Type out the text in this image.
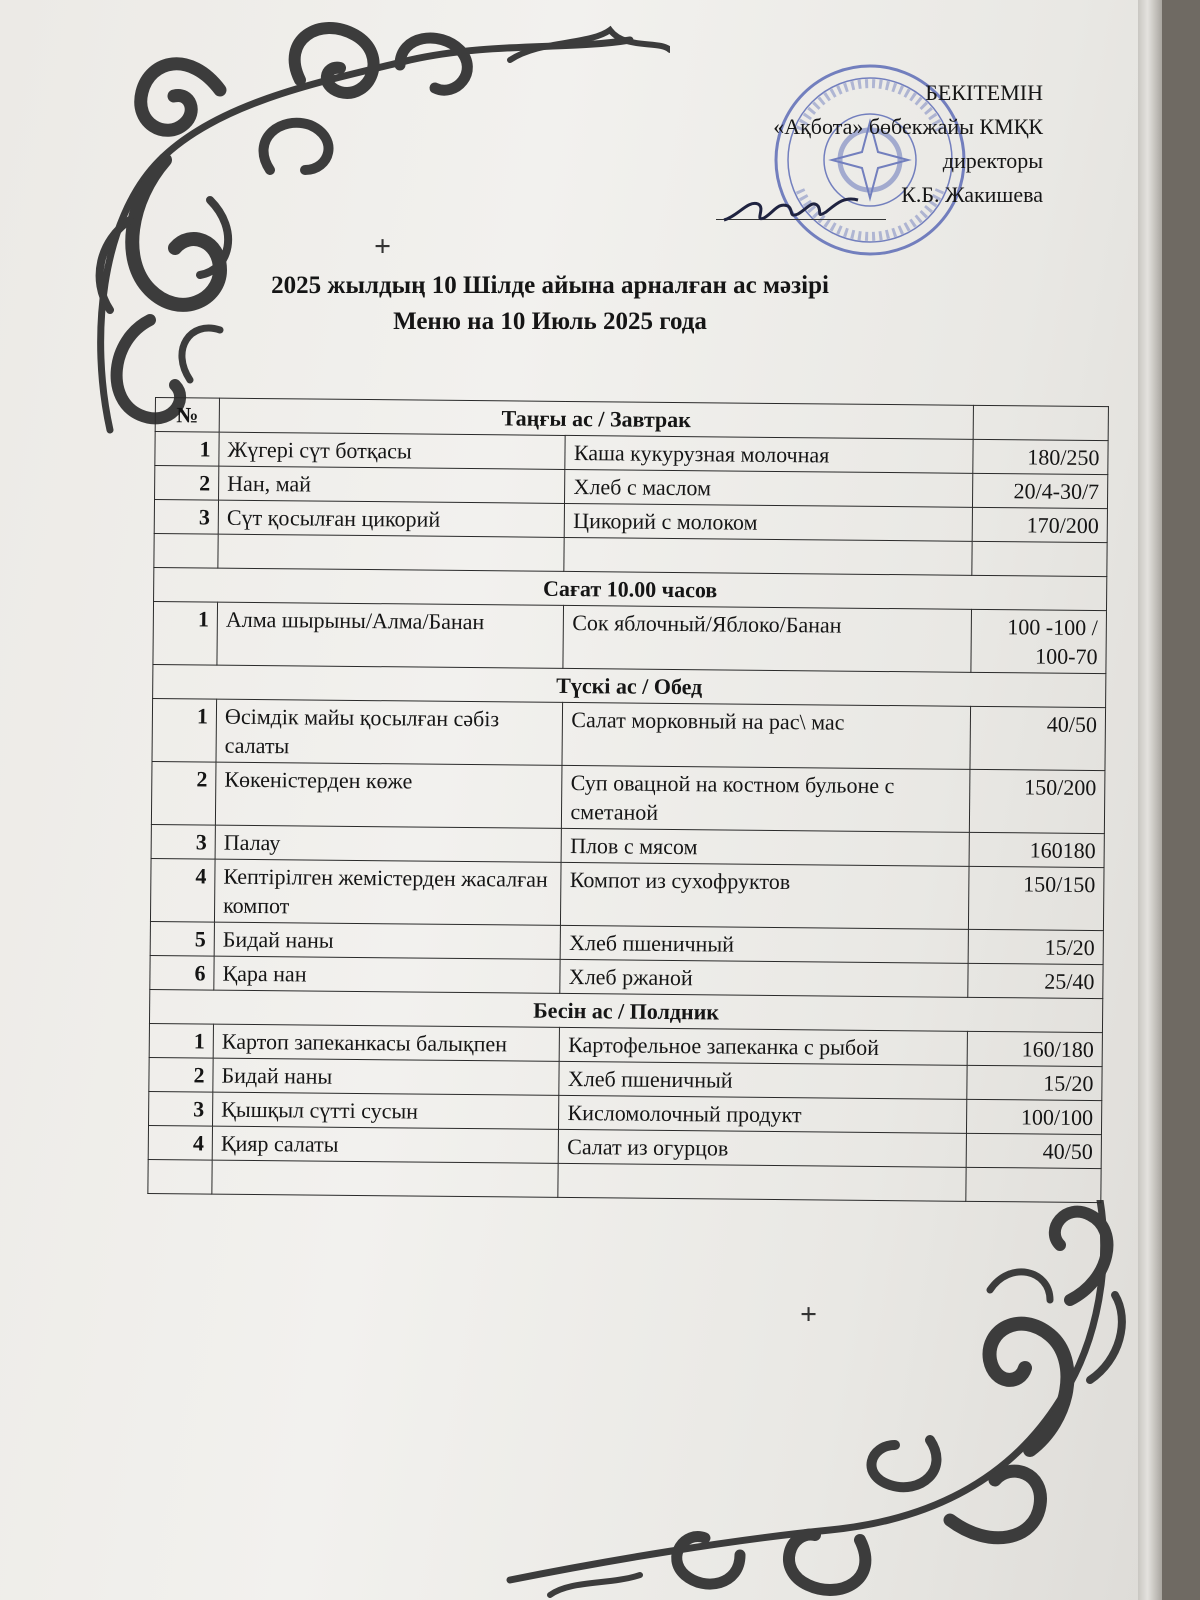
+
+
БЕКІТЕМІН
«Ақбота» бөбекжайы КМҚК
директоры
К.Б. Жакишева
2025 жылдың 10 Шілде айына арналған ас мәзірі
Меню на 10 Июль 2025 года
№	Таңғы ас / Завтрак		
1	Жүгері сүт ботқасы	Каша кукурузная молочная	180/250
2	Нан, май	Хлеб с маслом	20/4-30/7
3	Сүт қосылған цикорий	Цикорий с молоком	170/200

Сағат 10.00 часов			
1	Алма шырыны/Алма/Банан	Сок яблочный/Яблоко/Банан	100 -100 / 100-70
Түскі ас / Обед			
1	Өсімдік майы қосылған сәбіз салаты	Салат морковный на рас\ мас	40/50
2	Көкеністерден көже	Суп овацной на костном бульоне с сметаной	150/200
3	Палау	Плов с мясом	160180
4	Кептірілген жемістерден жасалған компот	Компот из сухофруктов	150/150
5	Бидай наны	Хлеб пшеничный	15/20
6	Қара нан	Хлеб ржаной	25/40
Бесін ас / Полдник			
1	Картоп запеканкасы балықпен	Картофельное запеканка с рыбой	160/180
2	Бидай наны	Хлеб пшеничный	15/20
3	Қышқыл сүтті сусын	Кисломолочный продукт	100/100
4	Қияр салаты	Салат из огурцов	40/50
